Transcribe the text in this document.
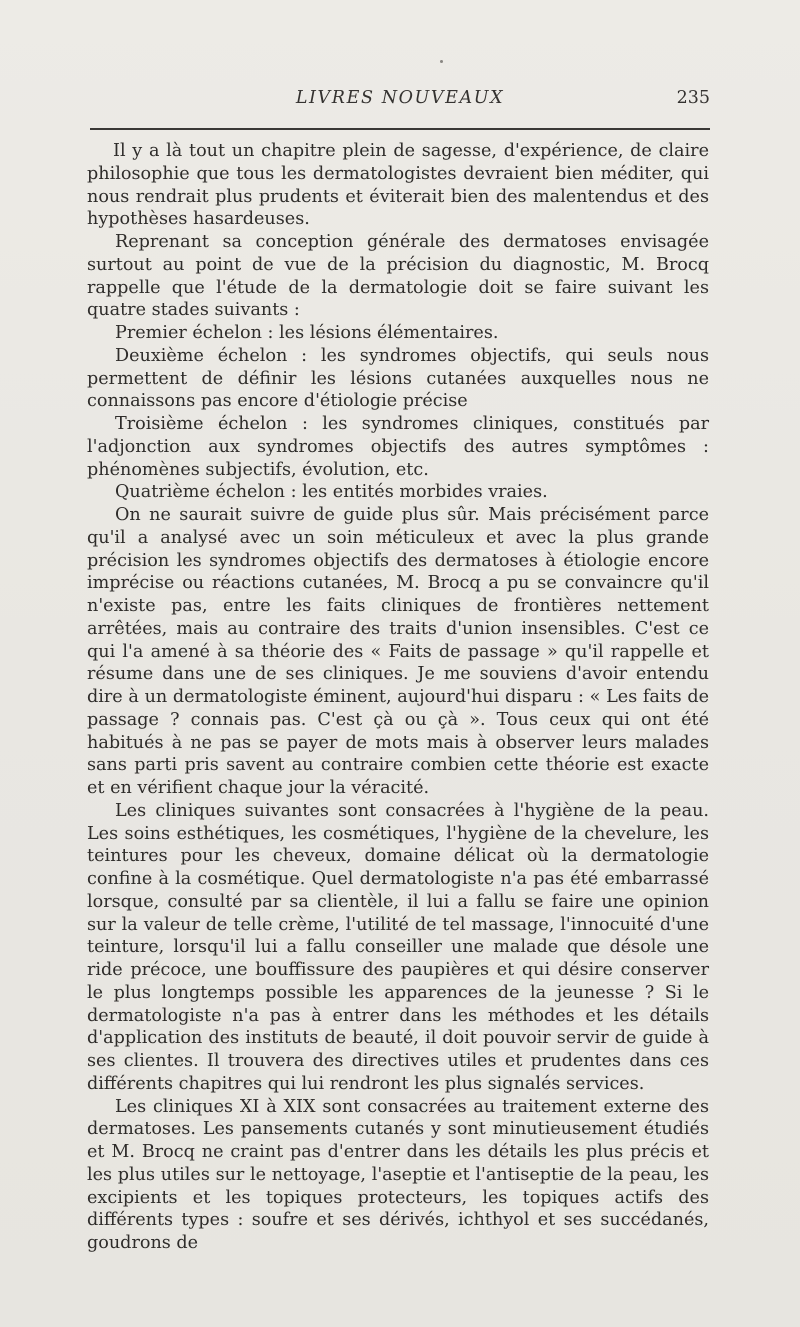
LIVRES NOUVEAUX	235

Il y a là tout un chapitre plein de sagesse, d'expérience, de claire philosophie que tous les dermatologistes devraient bien méditer, qui nous rendrait plus prudents et éviterait bien des malentendus et des hypothèses hasardeuses.

Reprenant sa conception générale des dermatoses envisagée surtout au point de vue de la précision du diagnostic, M. Brocq rappelle que l'étude de la dermatologie doit se faire suivant les quatre stades suivants :

Premier échelon : les lésions élémentaires.

Deuxième échelon : les syndromes objectifs, qui seuls nous permettent de définir les lésions cutanées auxquelles nous ne connaissons pas encore d'étiologie précise

Troisième échelon : les syndromes cliniques, constitués par l'adjonction aux syndromes objectifs des autres symptômes : phénomènes subjectifs, évolution, etc.

Quatrième échelon : les entités morbides vraies.

On ne saurait suivre de guide plus sûr. Mais précisément parce qu'il a analysé avec un soin méticuleux et avec la plus grande précision les syndromes objectifs des dermatoses à étiologie encore imprécise ou réactions cutanées, M. Brocq a pu se convaincre qu'il n'existe pas, entre les faits cliniques de frontières nettement arrêtées, mais au contraire des traits d'union insensibles. C'est ce qui l'a amené à sa théorie des « Faits de passage » qu'il rappelle et résume dans une de ses cliniques. Je me souviens d'avoir entendu dire à un dermatologiste éminent, aujourd'hui disparu : « Les faits de passage ? connais pas. C'est çà ou çà ». Tous ceux qui ont été habitués à ne pas se payer de mots mais à observer leurs malades sans parti pris savent au contraire combien cette théorie est exacte et en vérifient chaque jour la véracité.

Les cliniques suivantes sont consacrées à l'hygiène de la peau. Les soins esthétiques, les cosmétiques, l'hygiène de la chevelure, les teintures pour les cheveux, domaine délicat où la dermatologie confine à la cosmétique. Quel dermatologiste n'a pas été embarrassé lorsque, consulté par sa clientèle, il lui a fallu se faire une opinion sur la valeur de telle crème, l'utilité de tel massage, l'innocuité d'une teinture, lorsqu'il lui a fallu conseiller une malade que désole une ride précoce, une bouffissure des paupières et qui désire conserver le plus longtemps possible les apparences de la jeunesse ? Si le dermatologiste n'a pas à entrer dans les méthodes et les détails d'application des instituts de beauté, il doit pouvoir servir de guide à ses clientes. Il trouvera des directives utiles et prudentes dans ces différents chapitres qui lui rendront les plus signalés services.

Les cliniques XI à XIX sont consacrées au traitement externe des dermatoses. Les pansements cutanés y sont minutieusement étudiés et M. Brocq ne craint pas d'entrer dans les détails les plus précis et les plus utiles sur le nettoyage, l'aseptie et l'antiseptie de la peau, les excipients et les topiques protecteurs, les topiques actifs des différents types : soufre et ses dérivés, ichthyol et ses succédanés, goudrons de
